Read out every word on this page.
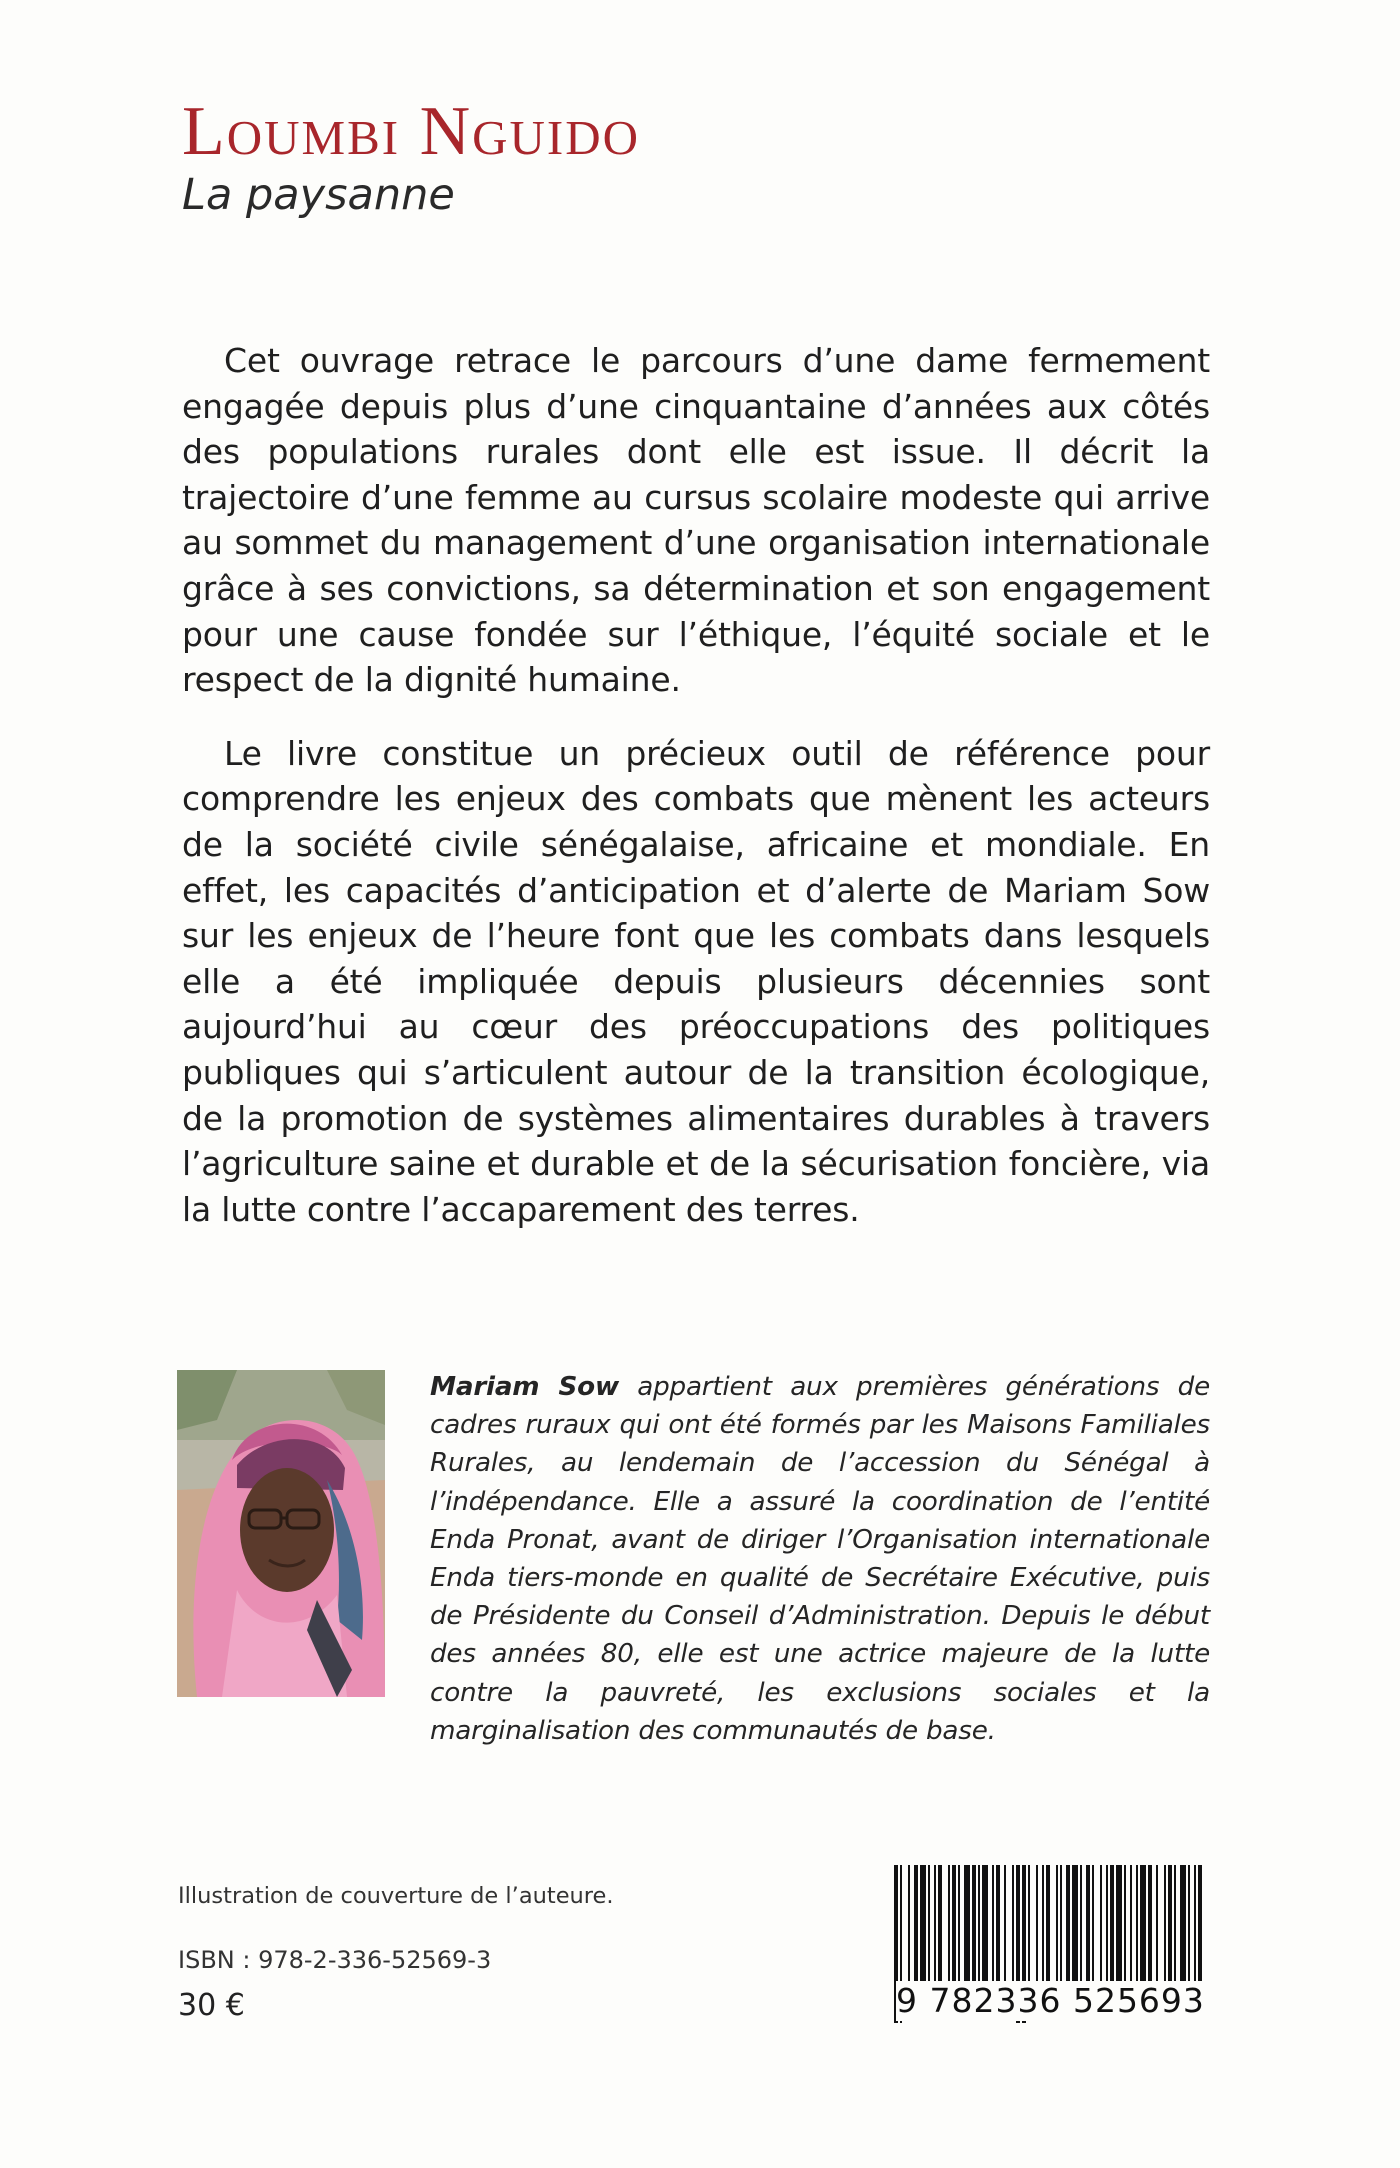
Loumbi Nguido
La paysanne

Cet ouvrage retrace le parcours d’une dame fermement engagée depuis plus d’une cinquantaine d’années aux côtés des populations rurales dont elle est issue. Il décrit la trajectoire d’une femme au cursus scolaire modeste qui arrive au sommet du management d’une organisation internationale grâce à ses convictions, sa détermination et son engagement pour une cause fondée sur l’éthique, l’équité sociale et le respect de la dignité humaine.

Le livre constitue un précieux outil de référence pour comprendre les enjeux des combats que mènent les acteurs de la société civile sénégalaise, africaine et mondiale. En effet, les capacités d’anticipation et d’alerte de Mariam Sow sur les enjeux de l’heure font que les combats dans lesquels elle a été impliquée depuis plusieurs décennies sont aujourd’hui au cœur des préoccupations des politiques publiques qui s’articulent autour de la transition écologique, de la promotion de systèmes alimentaires durables à travers l’agriculture saine et durable et de la sécurisation foncière, via la lutte contre l’accaparement des terres.

Mariam Sow appartient aux premières générations de cadres ruraux qui ont été formés par les Maisons Familiales Rurales, au lendemain de l’accession du Sénégal à l’indépendance. Elle a assuré la coordination de l’entité Enda Pronat, avant de diriger l’Organisation internationale Enda tiers-monde en qualité de Secrétaire Exécutive, puis de Présidente du Conseil d’Administration. Depuis le début des années 80, elle est une actrice majeure de la lutte contre la pauvreté, les exclusions sociales et la marginalisation des communautés de base.
Illustration de couverture de l’auteure.
ISBN : 978-2-336-52569-3
30 €	9 782336 525693
